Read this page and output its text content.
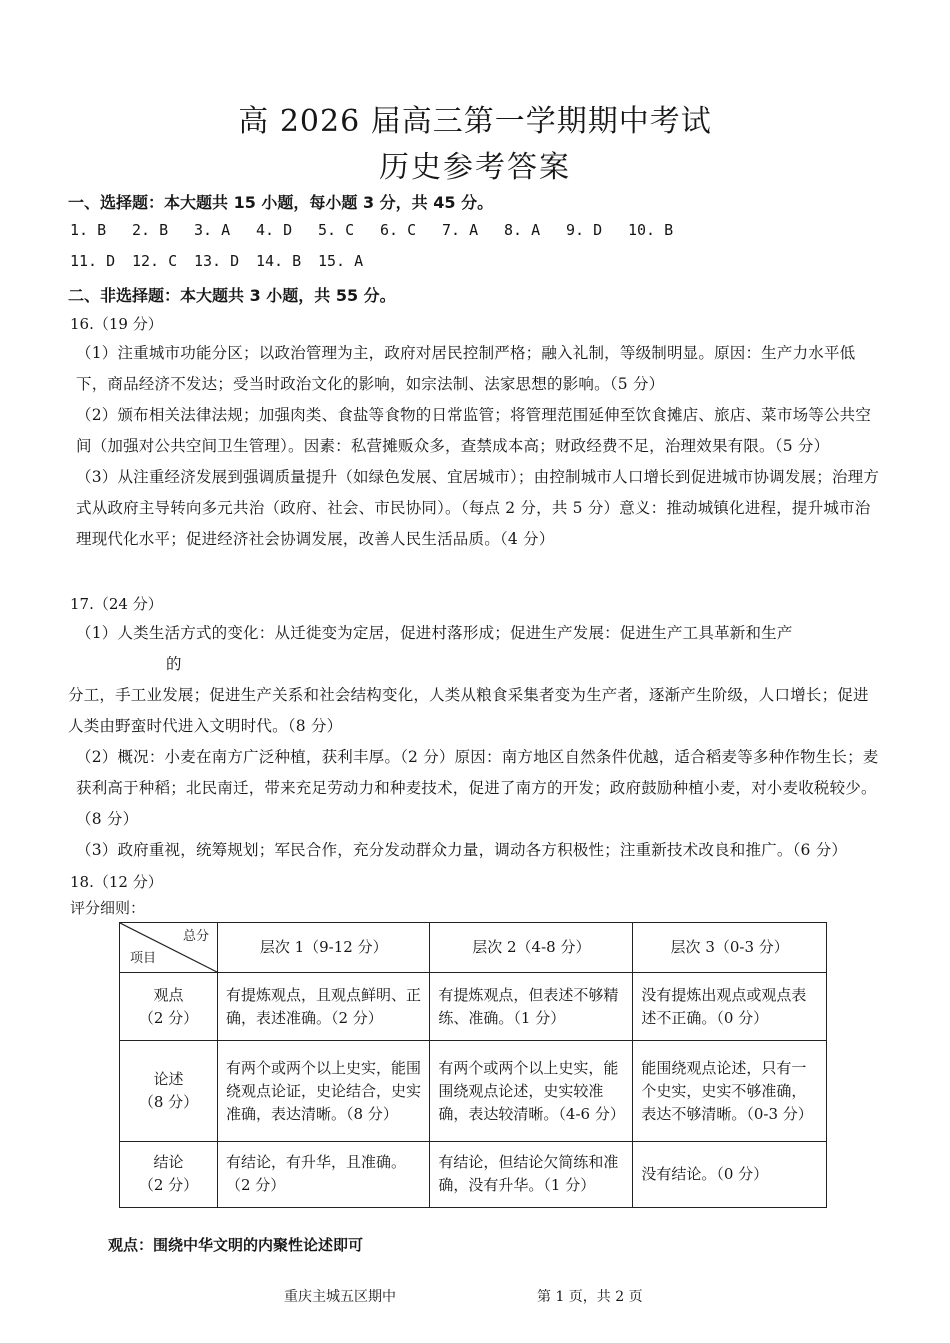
高 2026 届高三第一学期期中考试
历史参考答案
一、选择题：本大题共 15 小题，每小题 3 分，共 45 分。
1. B 2. B 3. A 4. D 5. C 6. C 7. A 8. A 9. D 10. B
11. D 12. C 13. D 14. B 15. A
二、非选择题：本大题共 3 小题，共 55 分。
16.（19 分）

（1）注重城市功能分区；以政治管理为主，政府对居民控制严格；融入礼制，等级制明显。原因：生产力水平低下，商品经济不发达；受当时政治文化的影响，如宗法制、法家思想的影响。（5 分）

（2）颁布相关法律法规；加强肉类、食盐等食物的日常监管；将管理范围延伸至饮食摊店、旅店、菜市场等公共空间（加强对公共空间卫生管理）。因素：私营摊贩众多，查禁成本高；财政经费不足，治理效果有限。（5 分）

（3）从注重经济发展到强调质量提升（如绿色发展、宜居城市）；由控制城市人口增长到促进城市协调发展；治理方式从政府主导转向多元共治（政府、社会、市民协同）。（每点 2 分，共 5 分）意义：推动城镇化进程，提升城市治理现代化水平；促进经济社会协调发展，改善人民生活品质。（4 分）

17.（24 分）

（1）人类生活方式的变化：从迁徙变为定居，促进村落形成；促进生产发展：促进生产工具革新和生产

的

分工，手工业发展；促进生产关系和社会结构变化，人类从粮食采集者变为生产者，逐渐产生阶级，人口增长；促进人类由野蛮时代进入文明时代。（8 分）

（2）概况：小麦在南方广泛种植，获利丰厚。（2 分）原因：南方地区自然条件优越，适合稻麦等多种作物生长；麦获利高于种稻；北民南迁，带来充足劳动力和种麦技术，促进了南方的开发；政府鼓励种植小麦，对小麦收税较少。（8 分）

（3）政府重视，统筹规划；军民合作，充分发动群众力量，调动各方积极性；注重新技术改良和推广。（6 分）

18.（12 分）
评分细则：
总分
项目	层次 1（9-12 分）	层次 2（4-8 分）	层次 3（0-3 分）

观点
（2 分）	有提炼观点，且观点鲜明、正确，表述准确。（2 分）	有提炼观点，但表述不够精练、准确。（1 分）	没有提炼出观点或观点表述不正确。（0 分）

论述
（8 分）	有两个或两个以上史实，能围绕观点论证，史论结合，史实准确，表达清晰。（8 分）	有两个或两个以上史实，能围绕观点论述，史实较准确，表达较清晰。（4-6 分）	能围绕观点论述，只有一个史实，史实不够准确，表达不够清晰。（0-3 分）

结论
（2 分）	有结论，有升华，且准确。（2 分）	有结论，但结论欠简练和准确，没有升华。（1 分）	没有结论。（0 分）
观点：围绕中华文明的内聚性论述即可
重庆主城五区期中	第 1 页，共 2 页
